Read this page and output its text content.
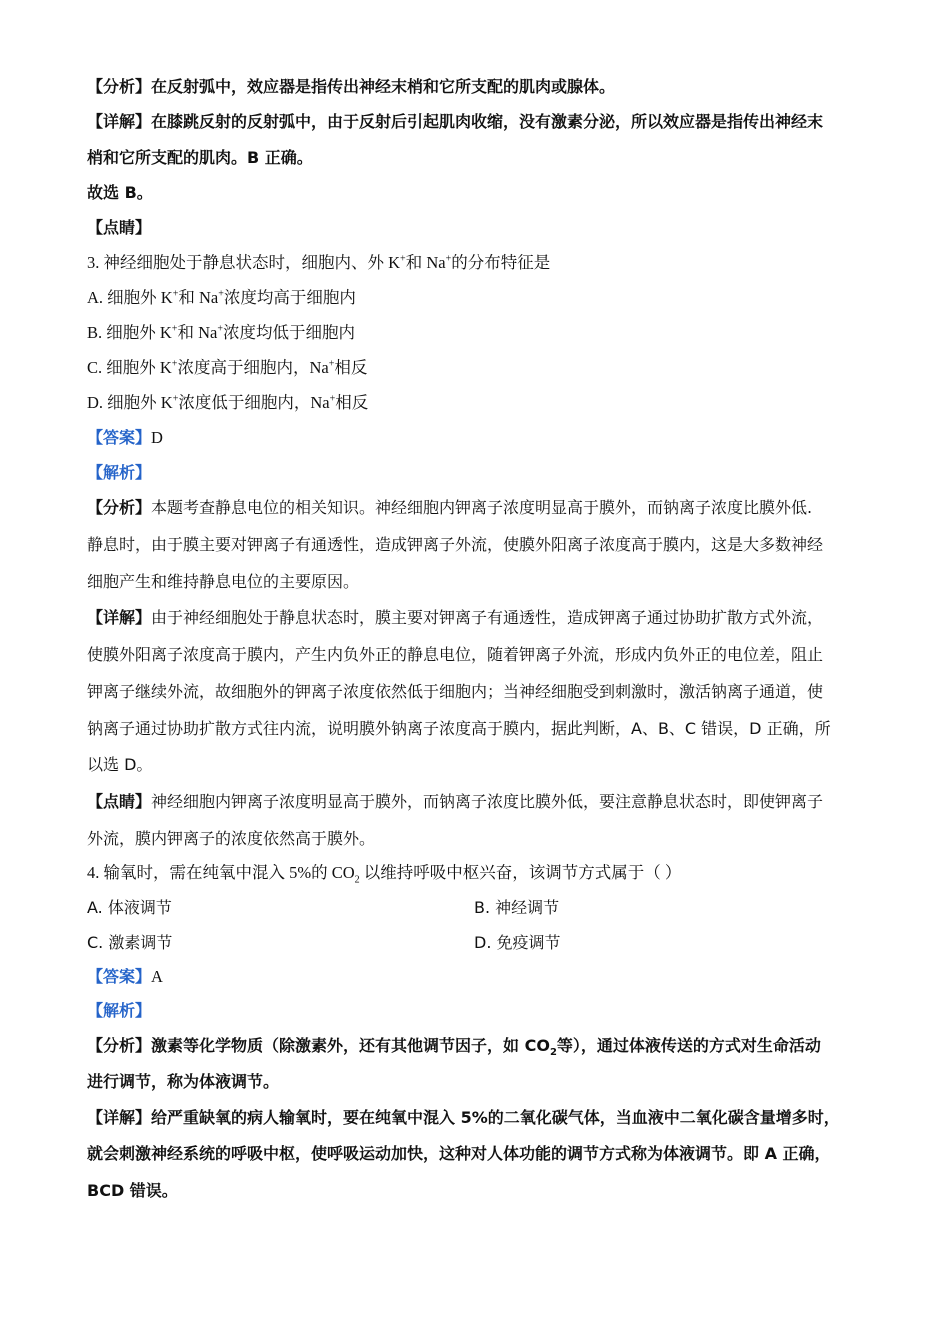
【分析】在反射弧中，效应器是指传出神经末梢和它所支配的肌肉或腺体。
【详解】在膝跳反射的反射弧中，由于反射后引起肌肉收缩，没有激素分泌，所以效应器是指传出神经末
梢和它所支配的肌肉。B 正确。
故选 B。
【点睛】
3. 神经细胞处于静息状态时，细胞内、外 K+和 Na+的分布特征是
A. 细胞外 K+和 Na+浓度均高于细胞内
B. 细胞外 K+和 Na+浓度均低于细胞内
C. 细胞外 K+浓度高于细胞内，Na+相反
D. 细胞外 K+浓度低于细胞内，Na+相反
【答案】D
【解析】
【分析】本题考查静息电位的相关知识。神经细胞内钾离子浓度明显高于膜外，而钠离子浓度比膜外低.
静息时，由于膜主要对钾离子有通透性，造成钾离子外流，使膜外阳离子浓度高于膜内，这是大多数神经
细胞产生和维持静息电位的主要原因。
【详解】由于神经细胞处于静息状态时，膜主要对钾离子有通透性，造成钾离子通过协助扩散方式外流，
使膜外阳离子浓度高于膜内，产生内负外正的静息电位，随着钾离子外流，形成内负外正的电位差，阻止
钾离子继续外流，故细胞外的钾离子浓度依然低于细胞内；当神经细胞受到刺激时，激活钠离子通道，使
钠离子通过协助扩散方式往内流，说明膜外钠离子浓度高于膜内，据此判断，A、B、C 错误，D 正确，所
以选 D。
【点睛】神经细胞内钾离子浓度明显高于膜外，而钠离子浓度比膜外低，要注意静息状态时，即使钾离子
外流，膜内钾离子的浓度依然高于膜外。
4. 输氧时，需在纯氧中混入 5%的 $CO_2$ 以维持呼吸中枢兴奋，该调节方式属于（ ）
A. 体液调节	B. 神经调节
C. 激素调节	D. 免疫调节
【答案】A
【解析】
【分析】激素等化学物质（除激素外，还有其他调节因子，如 $CO_2$等），通过体液传送的方式对生命活动
进行调节，称为体液调节。
【详解】给严重缺氧的病人输氧时，要在纯氧中混入 5%的二氧化碳气体，当血液中二氧化碳含量增多时，
就会刺激神经系统的呼吸中枢，使呼吸运动加快，这种对人体功能的调节方式称为体液调节。即 A 正确，
BCD 错误。
